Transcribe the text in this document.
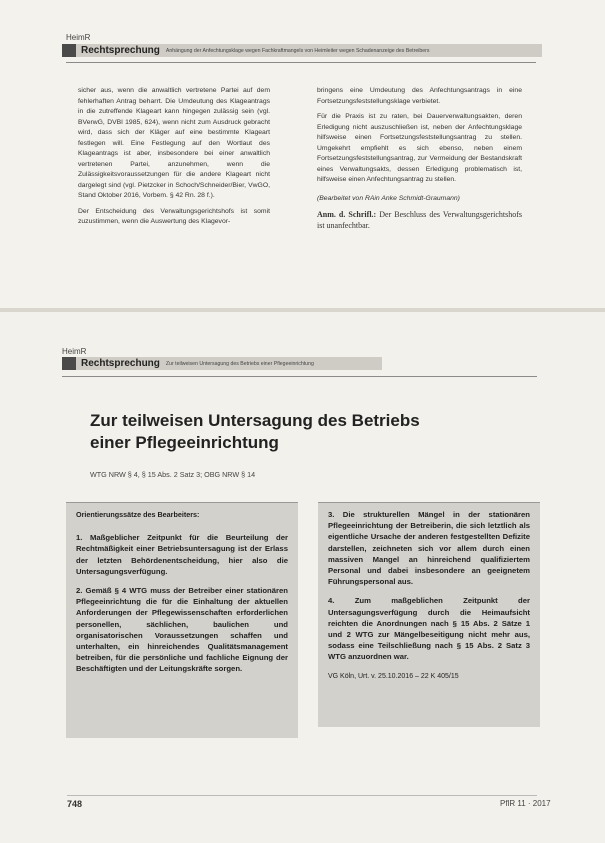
HeimR
Rechtsprechung Anhängung der Anfechtungsklage wegen Fachkraftmangels von Heimleiter wegen Schadenanzeige des Betreibers

sicher aus, wenn die anwaltlich vertretene Partei auf dem fehlerhaften Antrag beharrt. Die Umdeutung des Klageantrags in die zutreffende Klageart kann hingegen zulässig sein (vgl. BVerwG, DVBl 1985, 624), wenn nicht zum Ausdruck gebracht wird, dass sich der Kläger auf eine bestimmte Klageart festlegen will. Eine Festlegung auf den Wortlaut des Klageantrags ist aber, insbesondere bei einer anwaltlich vertretenen Partei, anzunehmen, wenn die Zulässigkeitsvoraussetzungen für die andere Klageart nicht dargelegt sind (vgl. Pietzcker in Schoch/Schneider/Bier, VwGO, Stand Oktober 2016, Vorbem. § 42 Rn. 28 f.).

Der Entscheidung des Verwaltungsgerichtshofs ist somit zuzustimmen, wenn die Auswertung des Klagevor-

bringens eine Umdeutung des Anfechtungsantrags in eine Fortsetzungsfeststellungsklage verbietet.

Für die Praxis ist zu raten, bei Dauerverwaltungsakten, deren Erledigung nicht auszuschließen ist, neben der Anfechtungsklage hilfsweise einen Fortsetzungsfeststellungsantrag zu stellen. Umgekehrt empfiehlt es sich ebenso, neben einem Fortsetzungsfeststellungsantrag, zur Vermeidung der Bestandskraft eines Verwaltungsakts, dessen Erledigung problematisch ist, hilfsweise einen Anfechtungsantrag zu stellen.

(Bearbeitet von RAin Anke Schmidt-Graumann)

Anm. d. Schrifl.: Der Beschluss des Verwaltungsgerichtshofs ist unanfechtbar.

HeimR
Rechtsprechung Zur teilweisen Untersagung des Betriebs einer Pflegeeinrichtung
Zur teilweisen Untersagung des Betriebs
einer Pflegeeinrichtung
WTG NRW § 4, § 15 Abs. 2 Satz 3; OBG NRW § 14
Orientierungssätze des Bearbeiters:

1. Maßgeblicher Zeitpunkt für die Beurteilung der Rechtmäßigkeit einer Betriebsuntersagung ist der Erlass der letzten Behördenentscheidung, hier also die Untersagungsverfügung.

2. Gemäß § 4 WTG muss der Betreiber einer stationären Pflegeeinrichtung die für die Einhaltung der aktuellen Anforderungen der Pflegewissenschaften erforderlichen personellen, sächlichen, baulichen und organisatorischen Voraussetzungen schaffen und unterhalten, ein hinreichendes Qualitätsmanagement betreiben, für die persönliche und fachliche Eignung der Beschäftigten und der Leitungskräfte sorgen.

3. Die strukturellen Mängel in der stationären Pflegeeinrichtung der Betreiberin, die sich letztlich als eigentliche Ursache der anderen festgestellten Defizite darstellen, zeichneten sich vor allem durch einen massiven Mangel an hinreichend qualifiziertem Personal und dabei insbesondere an geeignetem Führungspersonal aus.

4. Zum maßgeblichen Zeitpunkt der Untersagungsverfügung durch die Heimaufsicht reichten die Anordnungen nach § 15 Abs. 2 Sätze 1 und 2 WTG zur Mängelbeseitigung nicht mehr aus, sodass eine Teilschließung nach § 15 Abs. 2 Satz 3 WTG anzuordnen war.

VG Köln, Urt. v. 25.10.2016 – 22 K 405/15

748	PflR 11 · 2017
